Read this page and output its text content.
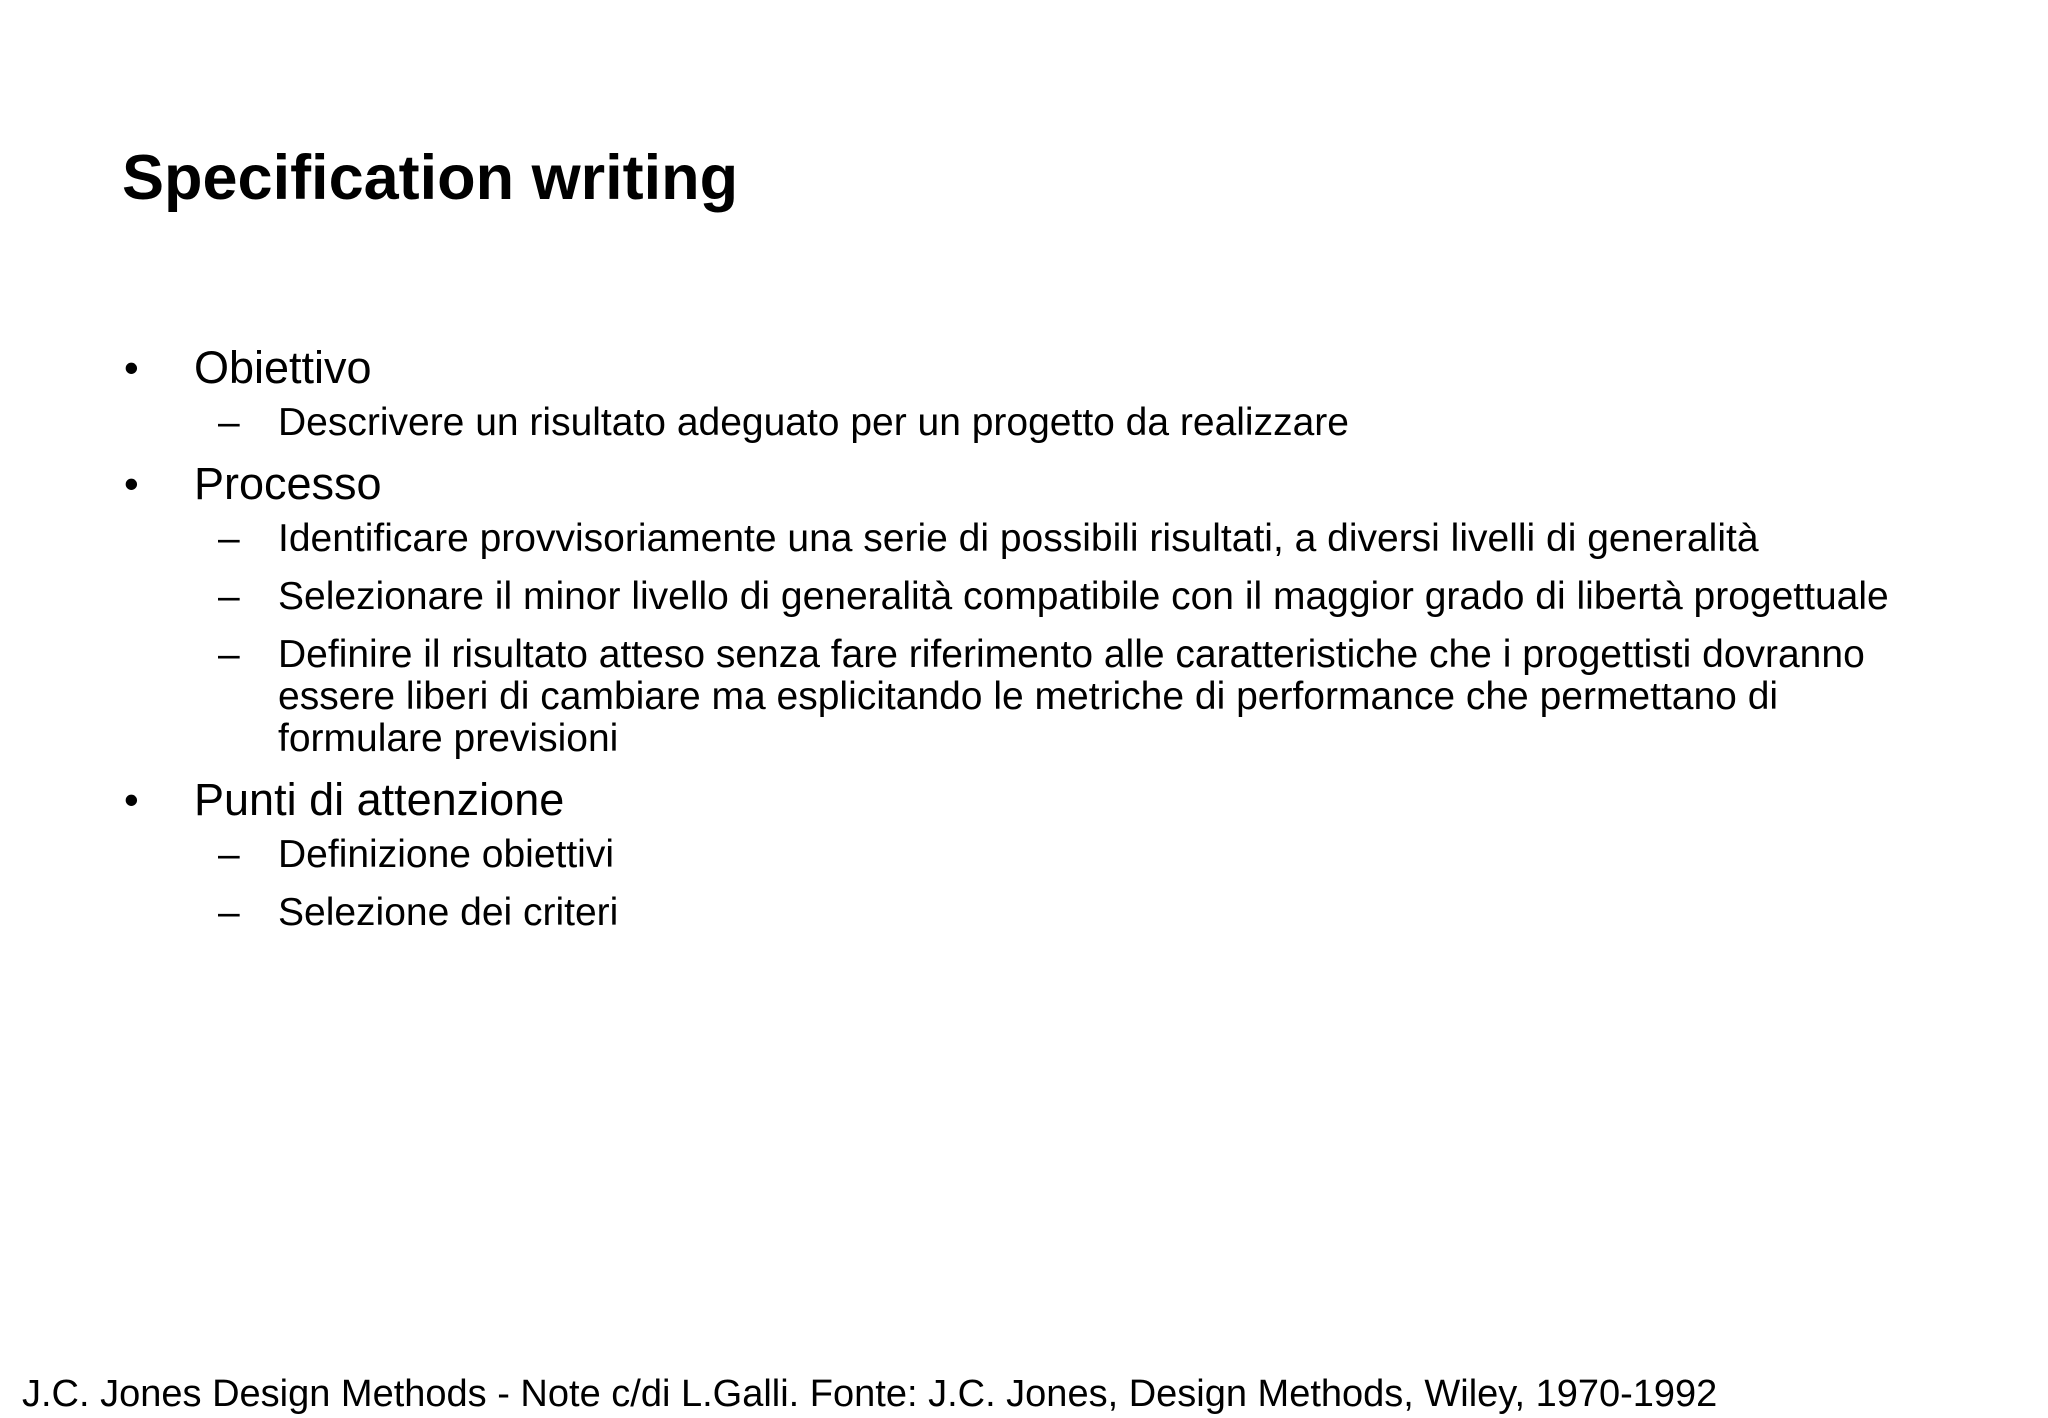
Specification writing
• Obiettivo
– Descrivere un risultato adeguato per un progetto da realizzare
• Processo
– Identificare provvisoriamente una serie di possibili risultati, a diversi livelli di generalità
– Selezionare il minor livello di generalità compatibile con il maggior grado di libertà progettuale
– Definire il risultato atteso senza fare riferimento alle caratteristiche che i progettisti dovranno essere liberi di cambiare ma esplicitando le metriche di performance che permettano di formulare previsioni
• Punti di attenzione
– Definizione obiettivi
– Selezione dei criteri
J.C. Jones Design Methods - Note c/di L.Galli. Fonte: J.C. Jones, Design Methods, Wiley, 1970-1992
